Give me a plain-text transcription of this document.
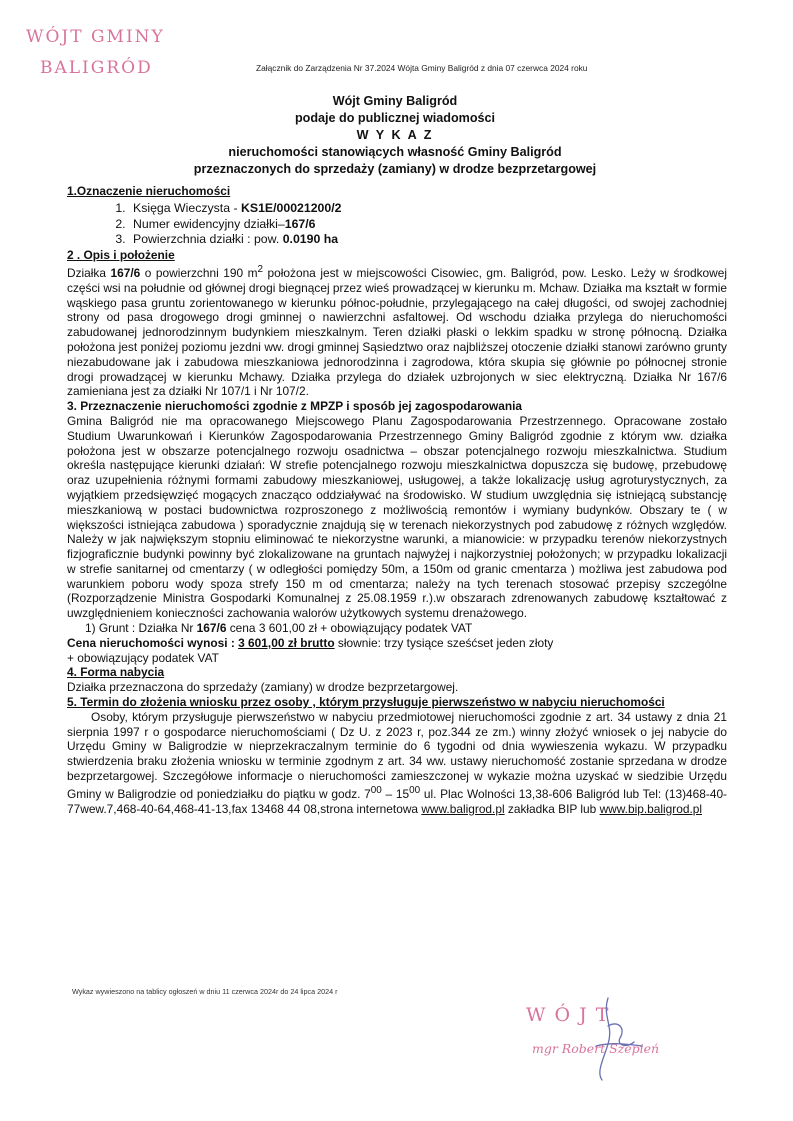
WÓJT GMINY
BALIGRÓD	Załącznik do Zarządzenia Nr 37.2024 Wójta Gminy Baligród z dnia 07 czerwca 2024 roku
Wójt Gminy Baligród
podaje do publicznej wiadomości
W Y K A Z
nieruchomości stanowiących własność Gminy Baligród
przeznaczonych do sprzedaży (zamiany) w drodze bezprzetargowej

1.Oznaczenie nieruchomości

1. Księga Wieczysta - KS1E/00021200/2
2. Numer ewidencyjny działki–167/6
3. Powierzchnia działki : pow. 0.0190 ha

2 . Opis i położenie

Działka 167/6 o powierzchni 190 $m^2$ położona jest w miejscowości Cisowiec, gm. Baligród, pow. Lesko. Leży w środkowej części wsi na południe od głównej drogi biegnącej przez wieś prowadzącej w kierunku m. Mchaw. Działka ma kształt w formie wąskiego pasa gruntu zorientowanego w kierunku północ-południe, przylegającego na całej długości, od swojej zachodniej strony od pasa drogowego drogi gminnej o nawierzchni asfaltowej. Od wschodu działka przylega do nieruchomości zabudowanej jednorodzinnym budynkiem mieszkalnym. Teren działki płaski o lekkim spadku w stronę północną. Działka położona jest poniżej poziomu jezdni ww. drogi gminnej Sąsiedztwo oraz najbliższej otoczenie działki stanowi zarówno grunty niezabudowane jak i zabudowa mieszkaniowa jednorodzinna i zagrodowa, która skupia się głównie po północnej stronie drogi prowadzącej w kierunku Mchawy. Działka przylega do działek uzbrojonych w siec elektryczną. Działka Nr 167/6 zamieniana jest za działki Nr 107/1 i Nr 107/2.

3. Przeznaczenie nieruchomości zgodnie z MPZP i sposób jej zagospodarowania

Gmina Baligród nie ma opracowanego Miejscowego Planu Zagospodarowania Przestrzennego. Opracowane zostało Studium Uwarunkowań i Kierunków Zagospodarowania Przestrzennego Gminy Baligród zgodnie z którym ww. działka położona jest w obszarze potencjalnego rozwoju osadnictwa – obszar potencjalnego rozwoju mieszkalnictwa. Studium określa następujące kierunki działań: W strefie potencjalnego rozwoju mieszkalnictwa dopuszcza się budowę, przebudowę oraz uzupełnienia różnymi formami zabudowy mieszkaniowej, usługowej, a także lokalizację usług agroturystycznych, za wyjątkiem przedsięwzięć mogących znacząco oddziaływać na środowisko. W studium uwzględnia się istniejącą substancję mieszkaniową w postaci budownictwa rozproszonego z możliwością remontów i wymiany budynków. Obszary te ( w większości istniejąca zabudowa ) sporadycznie znajdują się w terenach niekorzystnych pod zabudowę z różnych względów. Należy w jak największym stopniu eliminować te niekorzystne warunki, a mianowicie: w przypadku terenów niekorzystnych fizjograficznie budynki powinny być zlokalizowane na gruntach najwyżej i najkorzystniej położonych; w przypadku lokalizacji w strefie sanitarnej od cmentarzy ( w odległości pomiędzy 50m, a 150m od granic cmentarza ) możliwa jest zabudowa pod warunkiem poboru wody spoza strefy 150 m od cmentarza; należy na tych terenach stosować przepisy szczególne (Rozporządzenie Ministra Gospodarki Komunalnej z 25.08.1959 r.).w obszarach zdrenowanych zabudowę kształtować z uwzględnieniem konieczności zachowania walorów użytkowych systemu drenażowego.

1) Grunt : Działka Nr 167/6 cena 3 601,00 zł + obowiązujący podatek VAT

Cena nieruchomości wynosi : 3 601,00 zł brutto słownie: trzy tysiące sześćset jeden złoty

+ obowiązujący podatek VAT

4. Forma nabycia

Działka przeznaczona do sprzedaży (zamiany) w drodze bezprzetargowej.

5. Termin do złożenia wniosku przez osoby , którym przysługuje pierwszeństwo w nabyciu nieruchomości

Osoby, którym przysługuje pierwszeństwo w nabyciu przedmiotowej nieruchomości zgodnie z art. 34 ustawy z dnia 21 sierpnia 1997 r o gospodarce nieruchomościami ( Dz U. z 2023 r, poz.344 ze zm.) winny złożyć wniosek o jej nabycie do Urzędu Gminy w Baligrodzie w nieprzekraczalnym terminie do 6 tygodni od dnia wywieszenia wykazu. W przypadku stwierdzenia braku złożenia wniosku w terminie zgodnym z art. 34 ww. ustawy nieruchomość zostanie sprzedana w drodze bezprzetargowej. Szczegółowe informacje o nieruchomości zamieszczonej w wykazie można uzyskać w siedzibie Urzędu Gminy w Baligrodzie od poniedziałku do piątku w godz. $7^{00} - 15^{00}$ ul. Plac Wolności 13,38-606 Baligród lub Tel: (13)468-40-77wew.7,468-40-64,468-41-13,fax 13468 44 08,strona internetowa www.baligrod.pl zakładka BIP lub www.bip.baligrod.pl

Wykaz wywieszono na tablicy ogłoszeń w dniu 11 czerwca 2024r do 24 lipca 2024 r
WÓJT
mgr Robert Szepień
